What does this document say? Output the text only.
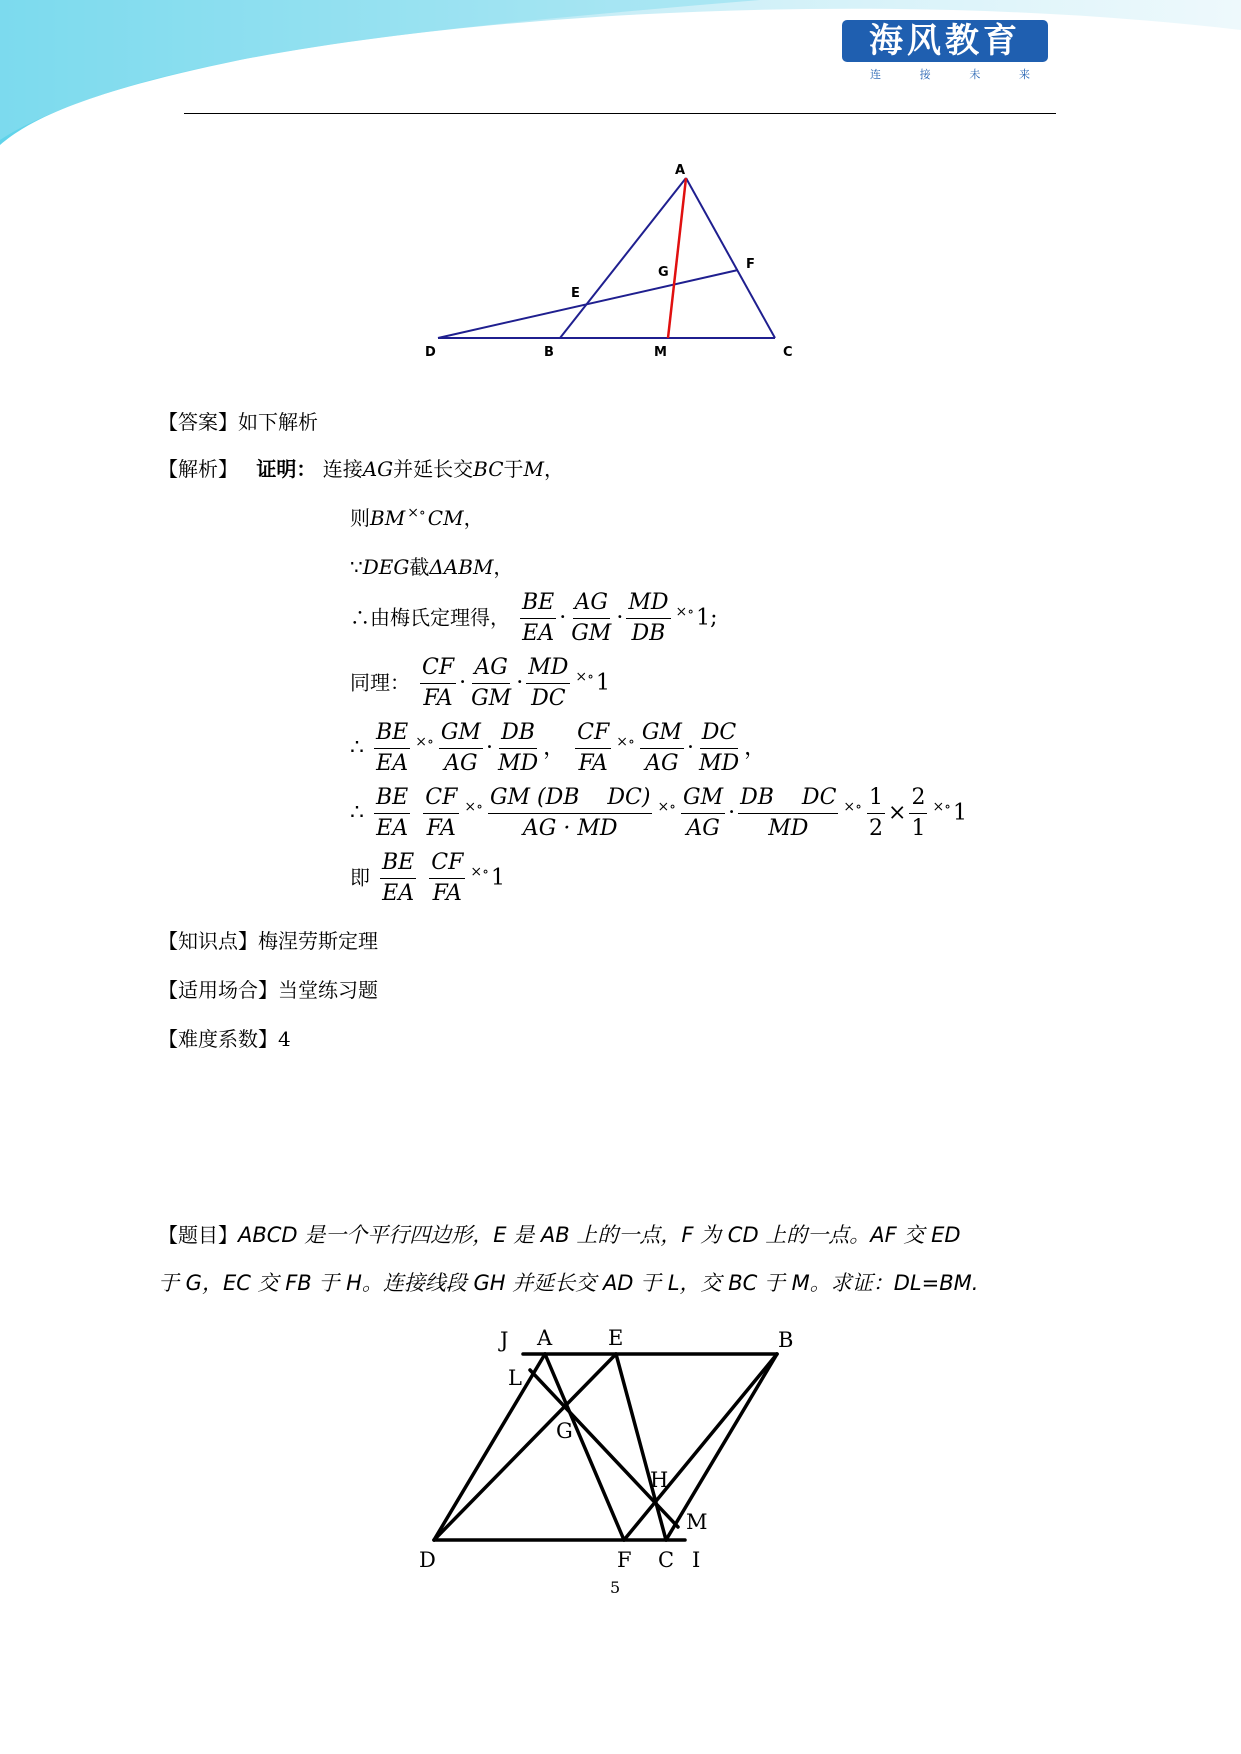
海风教育
连	接	未	来
A
F
G
E
D	B	M	C
【答案】如下解析
【解析】 证明： 连接AG并延长交BC于M，
则BM ×∘ CM，
∵DEG截ΔABM，
∴由梅氏定理得， $\frac{BE}{EA} \cdot \frac{AG}{GM} \cdot \frac{MD}{DB} ^{\times\circ}1$;
同理： $\frac{CF}{FA} \cdot \frac{AG}{GM} \cdot \frac{MD}{DC} ^{\times\circ}1$
∴ $\frac{BE}{EA} ^{\times\circ} \frac{GM}{AG} \cdot \frac{DB}{MD}$ ， $\frac{CF}{FA} ^{\times\circ} \frac{GM}{AG} \cdot \frac{DC}{MD}$ ，
∴ $\frac{BE}{EA}$
$\frac{CF}{FA} ^{\times\circ} \frac{\text{GM (DB    DC)}}{AG \cdot MD} ^{\times\circ} \frac{GM}{AG} \cdot \frac{\text{DB    DC}}{MD} ^{\times\circ} \frac{1}{2} \times \frac{2}{1} ^{\times\circ}1$
即 $\frac{BE}{EA}$
$\frac{CF}{FA} ^{\times\circ}1$
【知识点】梅涅劳斯定理
【适用场合】当堂练习题
【难度系数】4
【题目】ABCD 是一个平行四边形，E 是 AB 上的一点，F 为 CD 上的一点。AF 交 ED
于 G，EC 交 FB 于 H。连接线段 GH 并延长交 AD 于 L，交 BC 于 M。求证：DL=BM.
J A	E	B
L
G
H
M
D	F C I
5
